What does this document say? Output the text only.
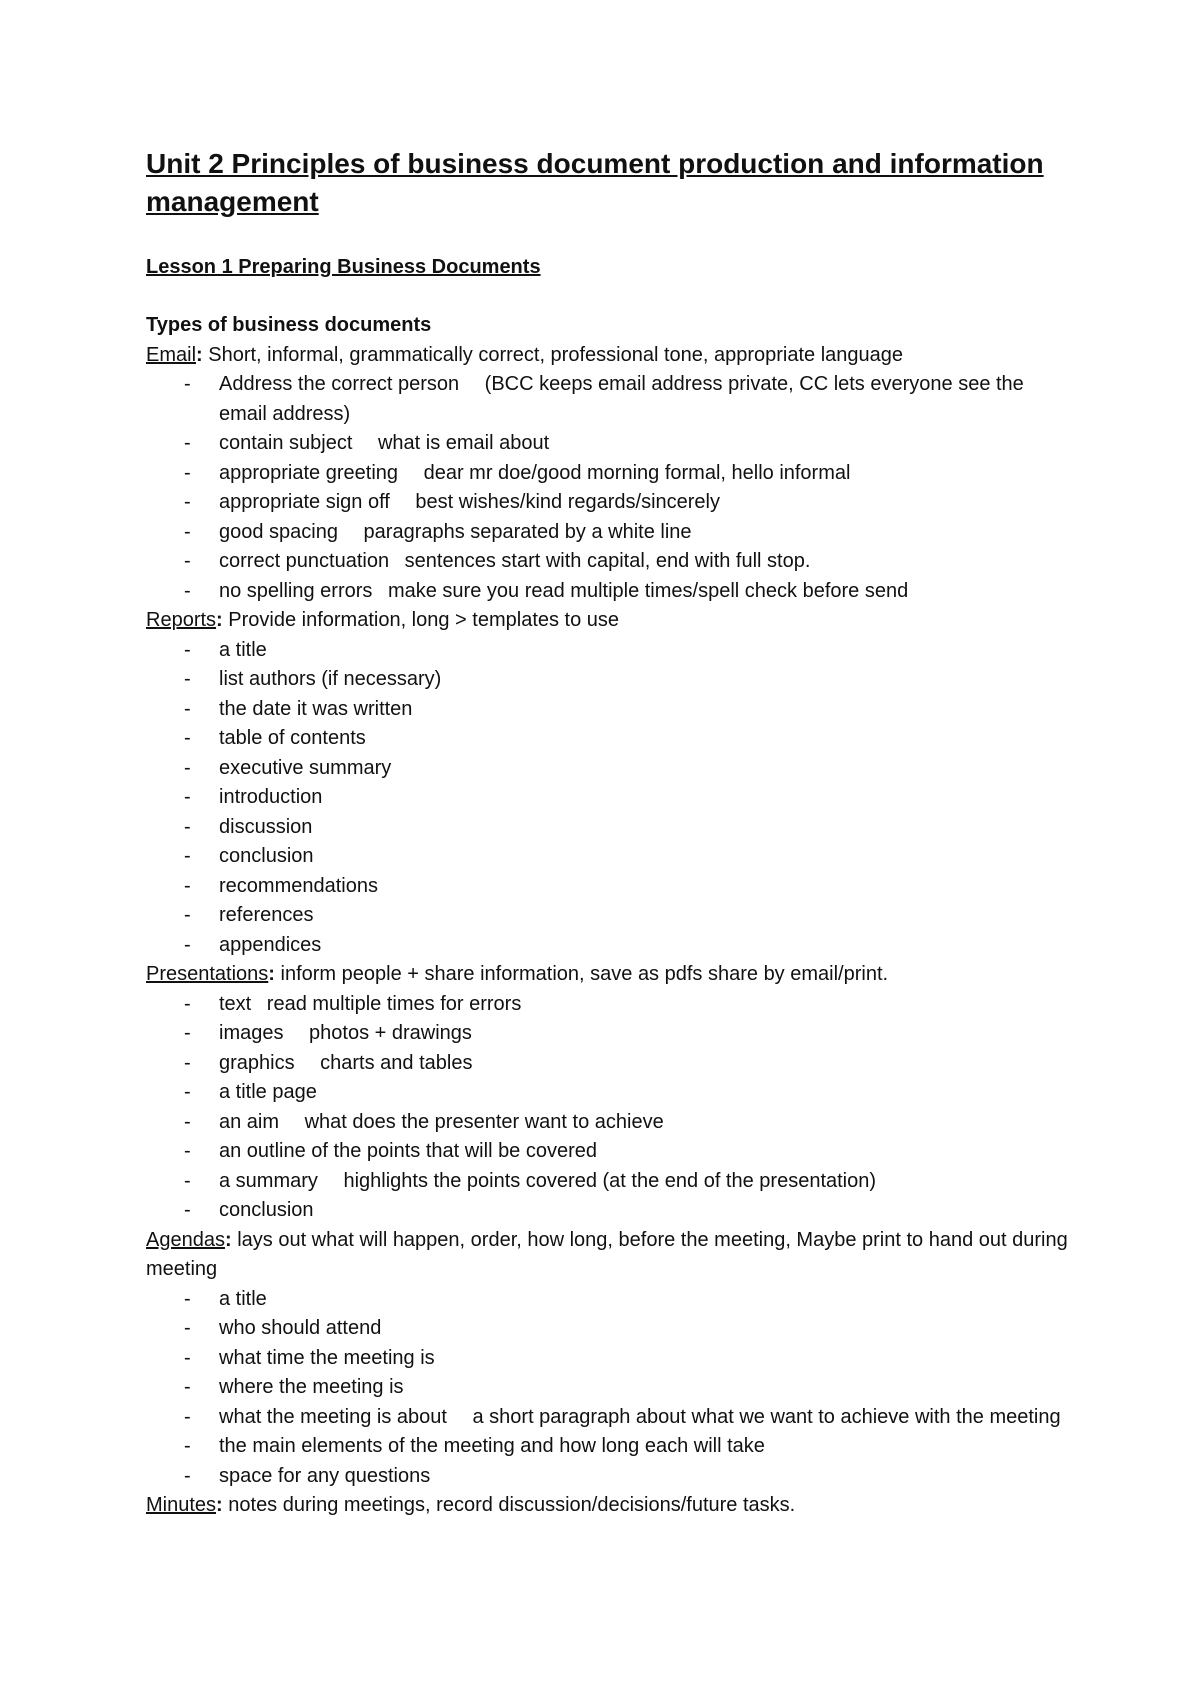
Unit 2 Principles of business document production and information management
Lesson 1 Preparing Business Documents
Types of business documents
Email: Short, informal, grammatically correct, professional tone, appropriate language
- Address the correct person  (BCC keeps email address private, CC lets everyone see the email address)
- contain subject  what is email about
- appropriate greeting  dear mr doe/good morning formal, hello informal
- appropriate sign off  best wishes/kind regards/sincerely
- good spacing  paragraphs separated by a white line
- correct punctuation  sentences start with capital, end with full stop.
- no spelling errors  make sure you read multiple times/spell check before send
Reports: Provide information, long > templates to use
- a title
- list authors (if necessary)
- the date it was written
- table of contents
- executive summary
- introduction
- discussion
- conclusion
- recommendations
- references
- appendices
Presentations: inform people + share information, save as pdfs share by email/print.
- text  read multiple times for errors
- images  photos + drawings
- graphics  charts and tables
- a title page
- an aim  what does the presenter want to achieve
- an outline of the points that will be covered
- a summary  highlights the points covered (at the end of the presentation)
- conclusion
Agendas: lays out what will happen, order, how long, before the meeting, Maybe print to hand out during meeting
- a title
- who should attend
- what time the meeting is
- where the meeting is
- what the meeting is about  a short paragraph about what we want to achieve with the meeting
- the main elements of the meeting and how long each will take
- space for any questions
Minutes: notes during meetings, record discussion/decisions/future tasks.
